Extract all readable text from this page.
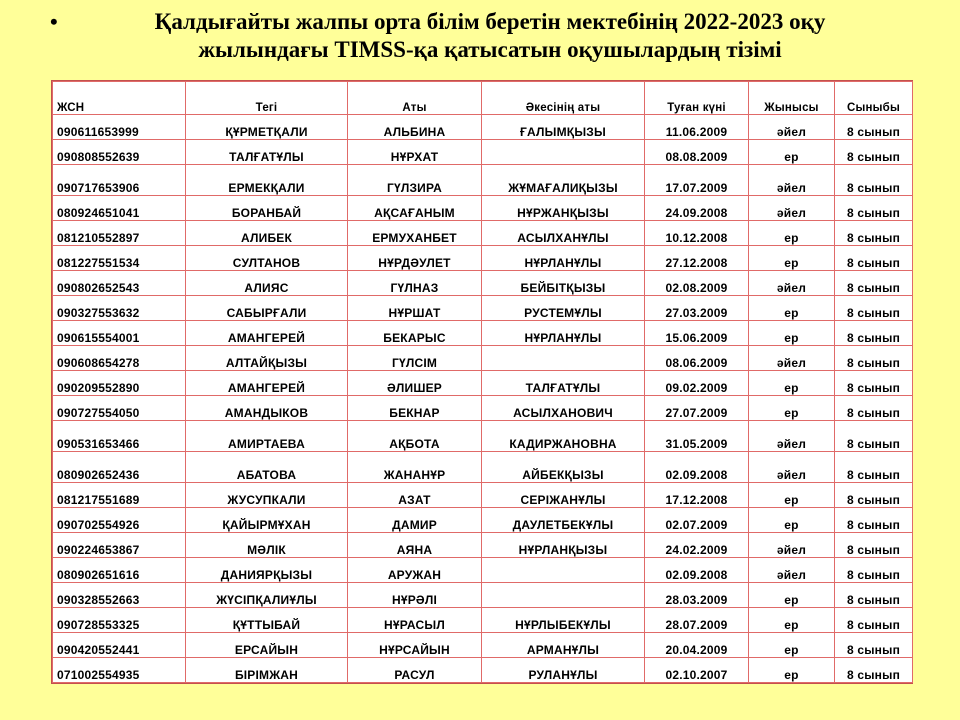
•	Қалдығайты жалпы орта білім беретін мектебінің 2022-2023 оқу
жылындағы TIMSS-қа қатысатын оқушылардың тізімі
ЖСН	Тегі	Аты	Әкесінің аты	Туған күні	Жынысы	Сыныбы
090611653999	ҚҰРМЕТҚАЛИ	АЛЬБИНА	ҒАЛЫМҚЫЗЫ	11.06.2009	әйел	8 сынып
090808552639	ТАЛҒАТҰЛЫ	НҰРХАТ		08.08.2009	ер	8 сынып
090717653906	ЕРМЕКҚАЛИ	ГҮЛЗИРА	ЖҰМАҒАЛИҚЫЗЫ	17.07.2009	әйел	8 сынып
080924651041	БОРАНБАЙ	АҚСАҒАНЫМ	НҰРЖАНҚЫЗЫ	24.09.2008	әйел	8 сынып
081210552897	АЛИБЕК	ЕРМУХАНБЕТ	АСЫЛХАНҰЛЫ	10.12.2008	ер	8 сынып
081227551534	СУЛТАНОВ	НҰРДӘУЛЕТ	НҰРЛАНҰЛЫ	27.12.2008	ер	8 сынып
090802652543	АЛИЯС	ГҮЛНАЗ	БЕЙБІТҚЫЗЫ	02.08.2009	әйел	8 сынып
090327553632	САБЫРҒАЛИ	НҰРШАТ	РУСТЕМҰЛЫ	27.03.2009	ер	8 сынып
090615554001	АМАНГЕРЕЙ	БЕКАРЫС	НҰРЛАНҰЛЫ	15.06.2009	ер	8 сынып
090608654278	АЛТАЙҚЫЗЫ	ГҮЛСІМ		08.06.2009	әйел	8 сынып
090209552890	АМАНГЕРЕЙ	ӘЛИШЕР	ТАЛҒАТҰЛЫ	09.02.2009	ер	8 сынып
090727554050	АМАНДЫКОВ	БЕКНАР	АСЫЛХАНОВИЧ	27.07.2009	ер	8 сынып
090531653466	АМИРТАЕВА	АҚБОТА	КАДИРЖАНОВНА	31.05.2009	әйел	8 сынып
080902652436	АБАТОВА	ЖАНАНҰР	АЙБЕКҚЫЗЫ	02.09.2008	әйел	8 сынып
081217551689	ЖУСУПКАЛИ	АЗАТ	СЕРІЖАНҰЛЫ	17.12.2008	ер	8 сынып
090702554926	ҚАЙЫРМҰХАН	ДАМИР	ДАУЛЕТБЕКҰЛЫ	02.07.2009	ер	8 сынып
090224653867	МӘЛІК	АЯНА	НҰРЛАНҚЫЗЫ	24.02.2009	әйел	8 сынып
080902651616	ДАНИЯРҚЫЗЫ	АРУЖАН		02.09.2008	әйел	8 сынып
090328552663	ЖҮСІПҚАЛИҰЛЫ	НҰРӘЛІ		28.03.2009	ер	8 сынып
090728553325	ҚҰТТЫБАЙ	НҰРАСЫЛ	НҰРЛЫБЕКҰЛЫ	28.07.2009	ер	8 сынып
090420552441	ЕРСАЙЫН	НҰРСАЙЫН	АРМАНҰЛЫ	20.04.2009	ер	8 сынып
071002554935	БІРІМЖАН	РАСУЛ	РУЛАНҰЛЫ	02.10.2007	ер	8 сынып
